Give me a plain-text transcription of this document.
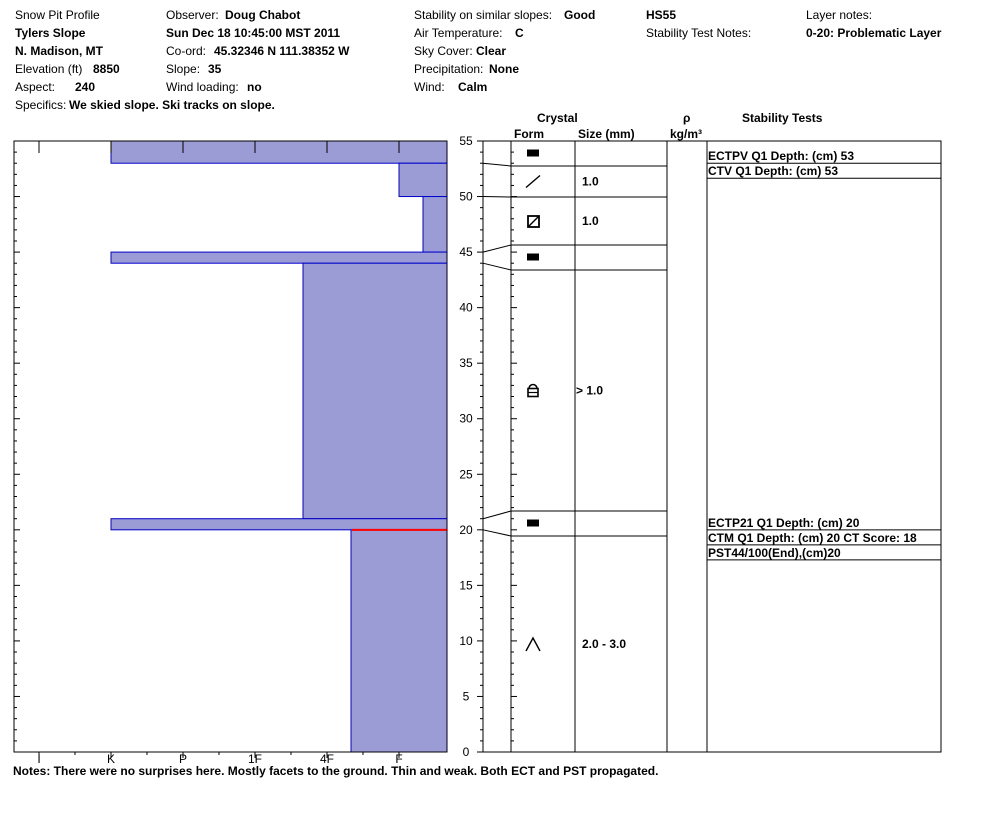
Snow Pit Profile
Tylers Slope
N. Madison, MT
Elevation (ft) 8850
Aspect: 240
Specifics: We skied slope. Ski tracks on slope.
Observer: Doug Chabot
Sun Dec 18 10:45:00 MST 2011
Co-ord: 45.32346 N 111.38352 W
Slope: 35
Wind loading: no
Stability on similar slopes: Good
Air Temperature: C
Sky Cover: Clear
Precipitation: None
Wind: Calm
HS55
Stability Test Notes:
Layer notes:
0-20: Problematic Layer
Crystal
Form	Size (mm)
ρ
kg/m³
Stability Tests
0
5
10
15
20
25
30
35
40
45
50
55
I	K	P	1F	4F	F
1.0
1.0
> 1.0
2.0 - 3.0
ECTP21 Q1 Depth: (cm) 20
CTM Q1 Depth: (cm) 20 CT Score: 18
PST44/100(End),(cm)20
ECTPV Q1 Depth: (cm) 53
CTV Q1 Depth: (cm) 53
Notes: There were no surprises here. Mostly facets to the ground. Thin and weak. Both ECT and PST propagated.
